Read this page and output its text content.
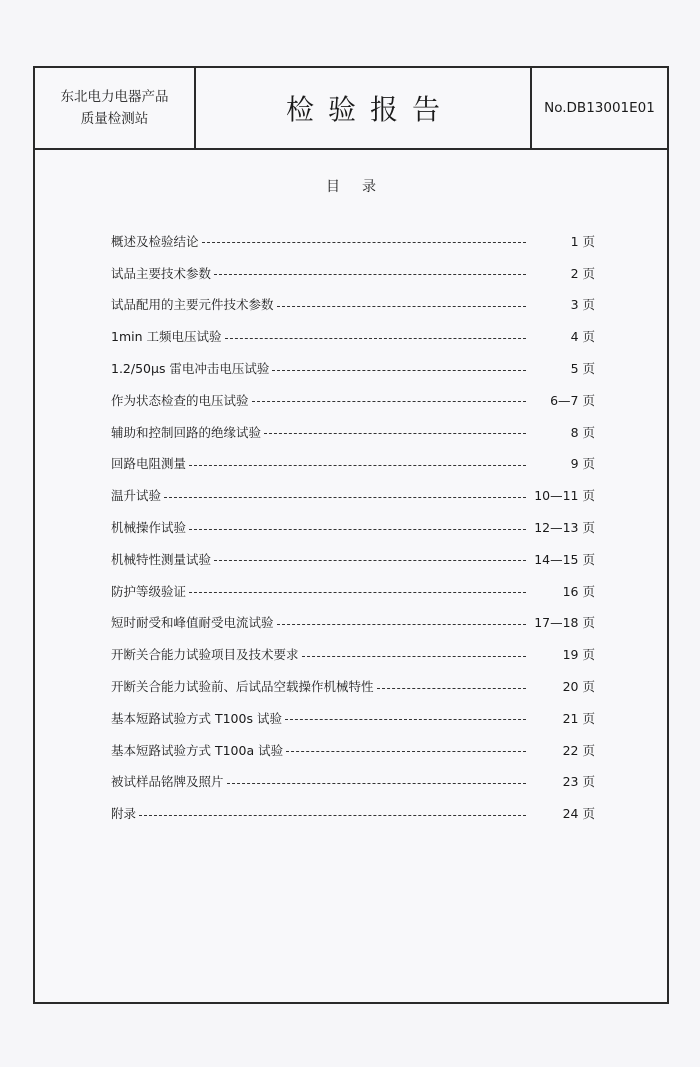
东北电力电器产品
质量检测站	检验报告	No.DB13001E01
目录
概述及检验结论	1 页
试品主要技术参数	2 页
试品配用的主要元件技术参数	3 页
1min 工频电压试验	4 页
1.2/50μs 雷电冲击电压试验	5 页
作为状态检查的电压试验	6—7 页
辅助和控制回路的绝缘试验	8 页
回路电阻测量	9 页
温升试验	10—11 页
机械操作试验	12—13 页
机械特性测量试验	14—15 页
防护等级验证	16 页
短时耐受和峰值耐受电流试验	17—18 页
开断关合能力试验项目及技术要求	19 页
开断关合能力试验前、后试品空载操作机械特性	20 页
基本短路试验方式 T100s 试验	21 页
基本短路试验方式 T100a 试验	22 页
被试样品铭牌及照片	23 页
附录	24 页
